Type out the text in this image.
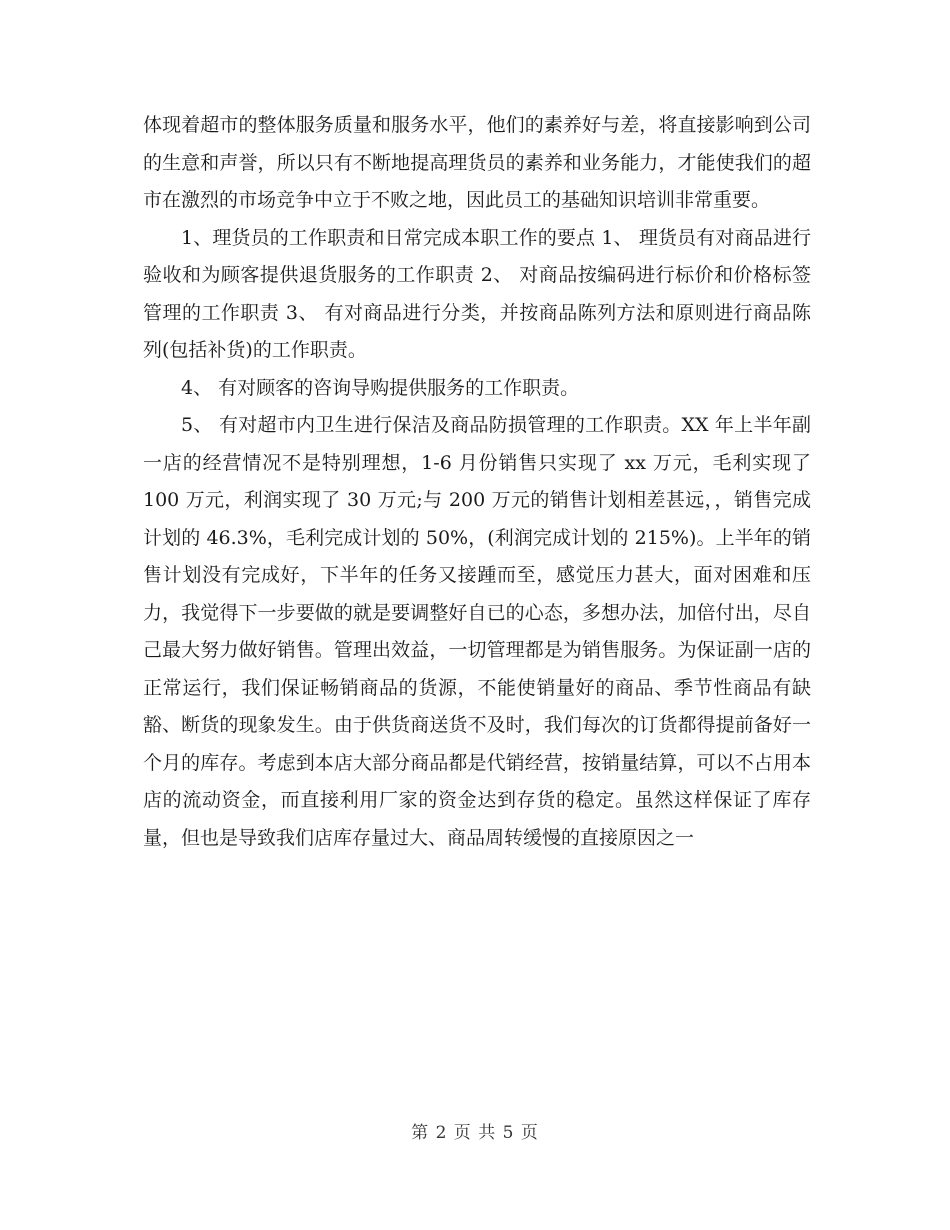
体现着超市的整体服务质量和服务水平，他们的素养好与差，将直接影响到公司的生意和声誉，所以只有不断地提高理货员的素养和业务能力，才能使我们的超市在激烈的市场竞争中立于不败之地，因此员工的基础知识培训非常重要。

1、理货员的工作职责和日常完成本职工作的要点 1、 理货员有对商品进行验收和为顾客提供退货服务的工作职责 2、 对商品按编码进行标价和价格标签管理的工作职责 3、 有对商品进行分类，并按商品陈列方法和原则进行商品陈列(包括补货)的工作职责。

4、 有对顾客的咨询导购提供服务的工作职责。

5、 有对超市内卫生进行保洁及商品防损管理的工作职责。XX 年上半年副一店的经营情况不是特别理想，1-6 月份销售只实现了 xx 万元，毛利实现了 100 万元，利润实现了 30 万元;与 200 万元的销售计划相差甚远，，销售完成计划的 46.3%，毛利完成计划的 50%，(利润完成计划的 215%)。上半年的销售计划没有完成好，下半年的任务又接踵而至，感觉压力甚大，面对困难和压力，我觉得下一步要做的就是要调整好自已的心态，多想办法，加倍付出，尽自己最大努力做好销售。管理出效益，一切管理都是为销售服务。为保证副一店的正常运行，我们保证畅销商品的货源，不能使销量好的商品、季节性商品有缺豁、断货的现象发生。由于供货商送货不及时，我们每次的订货都得提前备好一个月的库存。考虑到本店大部分商品都是代销经营，按销量结算，可以不占用本店的流动资金，而直接利用厂家的资金达到存货的稳定。虽然这样保证了库存量，但也是导致我们店库存量过大、商品周转缓慢的直接原因之一

第 2 页 共 5 页
